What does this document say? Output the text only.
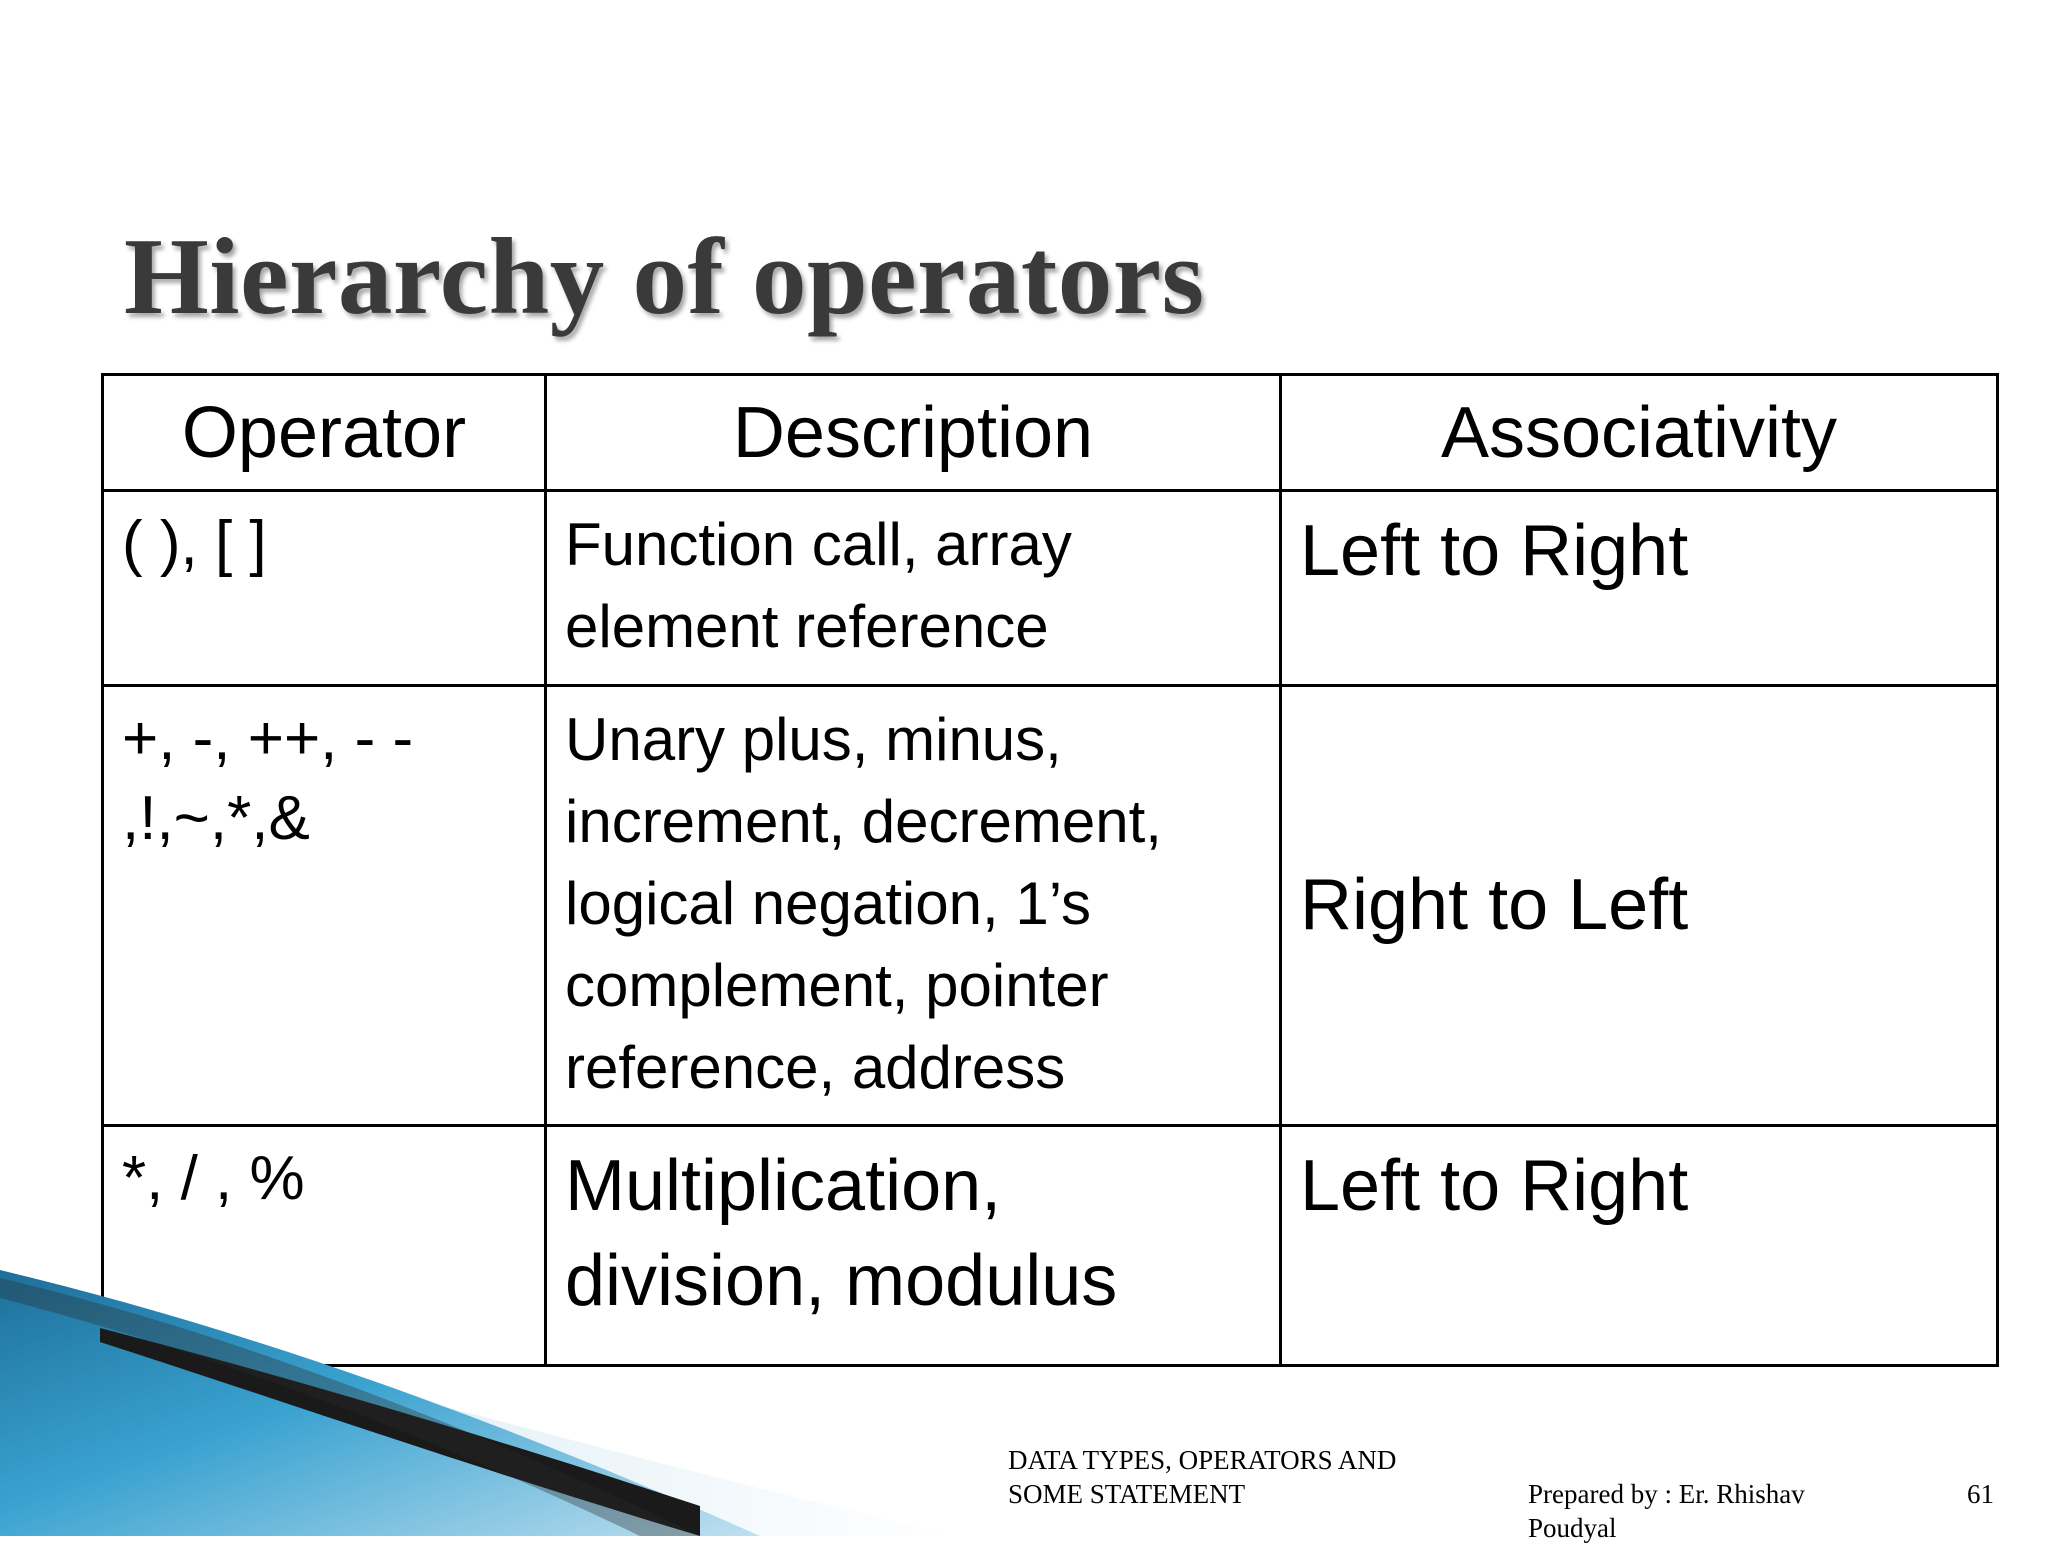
Hierarchy of operators
Operator	Description	Associativity
( ), [ ]	Function call, array element reference	Left to Right
+, -, ++, - - ,!,~,*,&	Unary plus, minus, increment, decrement, logical negation, 1’s complement, pointer reference, address	Right to Left
*, / , %	Multiplication, division, modulus	Left to Right
DATA TYPES, OPERATORS AND SOME STATEMENT	Prepared by : Er. Rhishav Poudyal
61
